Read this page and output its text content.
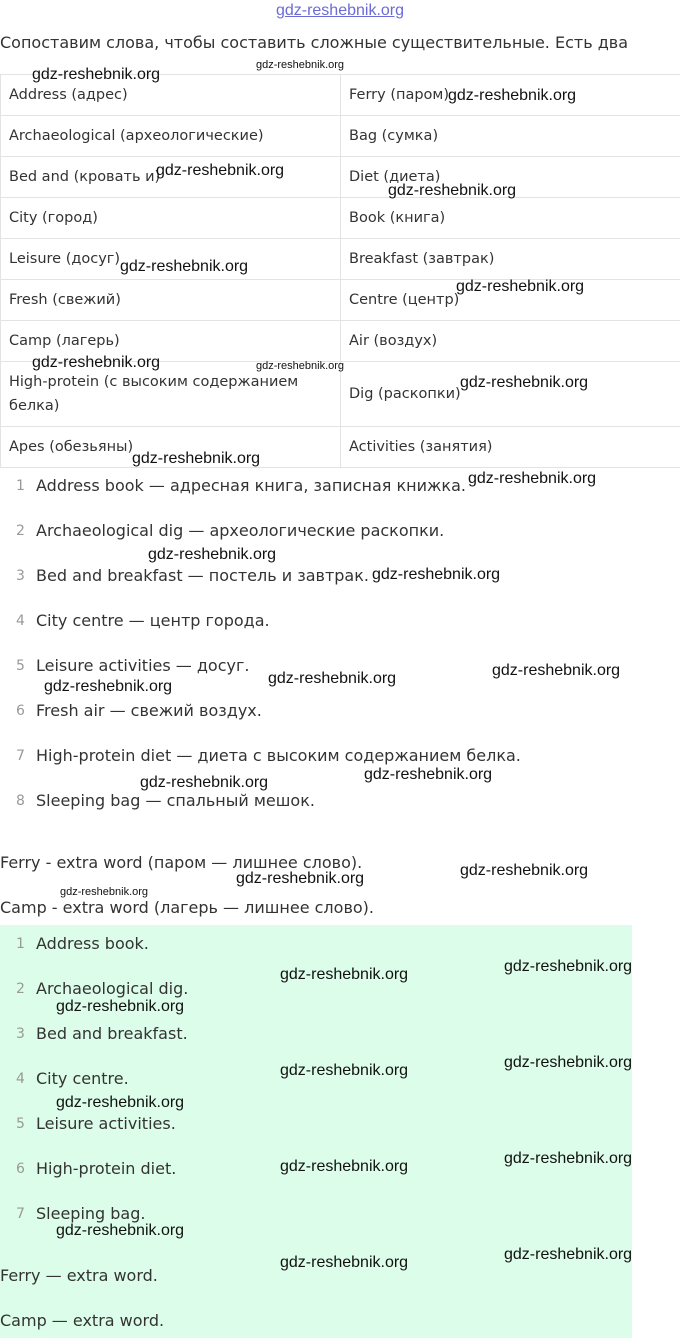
gdz-reshebnik.org
Сопоставим слова, чтобы составить сложные существительные. Есть два
Address (адрес)	Ferry (паром)
Archaeological (археологические)	Bag (сумка)
Bed and (кровать и)	Diet (диета)
City (город)	Book (книга)
Leisure (досуг)	Breakfast (завтрак)
Fresh (свежий)	Centre (центр)
Camp (лагерь)	Air (воздух)
High-protein (с высоким содержанием белка)	Dig (раскопки)
Apes (обезьяны)	Activities (занятия)
1 Address book — адресная книга, записная книжка.
2 Archaeological dig — археологические раскопки.
3 Bed and breakfast — постель и завтрак.
4 City centre — центр города.
5 Leisure activities — досуг.
6 Fresh air — свежий воздух.
7 High-protein diet — диета с высоким содержанием белка.
8 Sleeping bag — спальный мешок.
Ferry - extra word (паром — лишнее слово).
Camp - extra word (лагерь — лишнее слово).
1 Address book.
2 Archaeological dig.
3 Bed and breakfast.
4 City centre.
5 Leisure activities.
6 High-protein diet.
7 Sleeping bag.
Ferry — extra word.
Camp — extra word.
gdz-reshebnik.org
gdz-reshebnik.org
gdz-reshebnik.org
gdz-reshebnik.org
gdz-reshebnik.org
gdz-reshebnik.org
gdz-reshebnik.org
gdz-reshebnik.org	gdz-reshebnik.org
gdz-reshebnik.org
gdz-reshebnik.org
gdz-reshebnik.org
gdz-reshebnik.org
gdz-reshebnik.org
gdz-reshebnik.org
gdz-reshebnik.org
gdz-reshebnik.org
gdz-reshebnik.org
gdz-reshebnik.org
gdz-reshebnik.org
gdz-reshebnik.org
gdz-reshebnik.org
gdz-reshebnik.org
gdz-reshebnik.org
gdz-reshebnik.org
gdz-reshebnik.org
gdz-reshebnik.org
gdz-reshebnik.org
gdz-reshebnik.org
gdz-reshebnik.org
gdz-reshebnik.org
gdz-reshebnik.org
gdz-reshebnik.org
